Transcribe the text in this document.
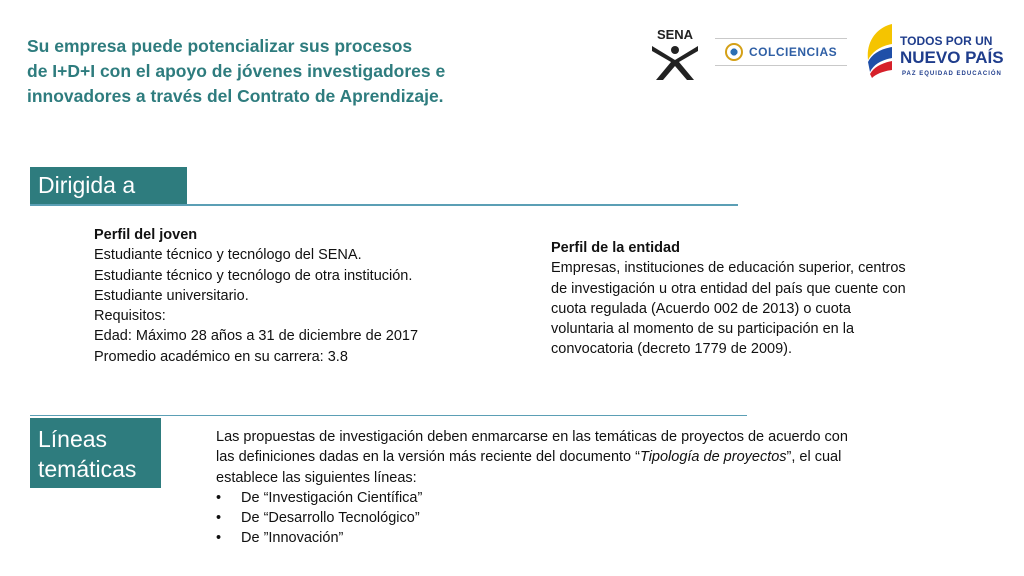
Su empresa puede potencializar sus procesos
de I+D+I con el apoyo de jóvenes investigadores e
innovadores a través del Contrato de Aprendizaje.
SENA
COLCIENCIAS
TODOS POR UN
NUEVO PAÍS
PAZ EQUIDAD EDUCACIÓN
Dirigida a
Perfil del joven
Estudiante técnico y tecnólogo del SENA.
Estudiante técnico y tecnólogo de otra institución.
Estudiante universitario.
Requisitos:
Edad: Máximo 28 años a 31 de diciembre de 2017
Promedio académico en su carrera: 3.8
Perfil de la entidad
Empresas, instituciones de educación superior, centros
de investigación u otra entidad del país que cuente con
cuota regulada (Acuerdo 002 de 2013) o cuota
voluntaria al momento de su participación en la
convocatoria (decreto 1779 de 2009).
Líneas
temáticas
Las propuestas de investigación deben enmarcarse en las temáticas de proyectos de acuerdo con
las definiciones dadas en la versión más reciente del documento “Tipología de proyectos”, el cual
establece las siguientes líneas:
•	De “Investigación Científica”
•	De “Desarrollo Tecnológico”
•	De ”Innovación”
